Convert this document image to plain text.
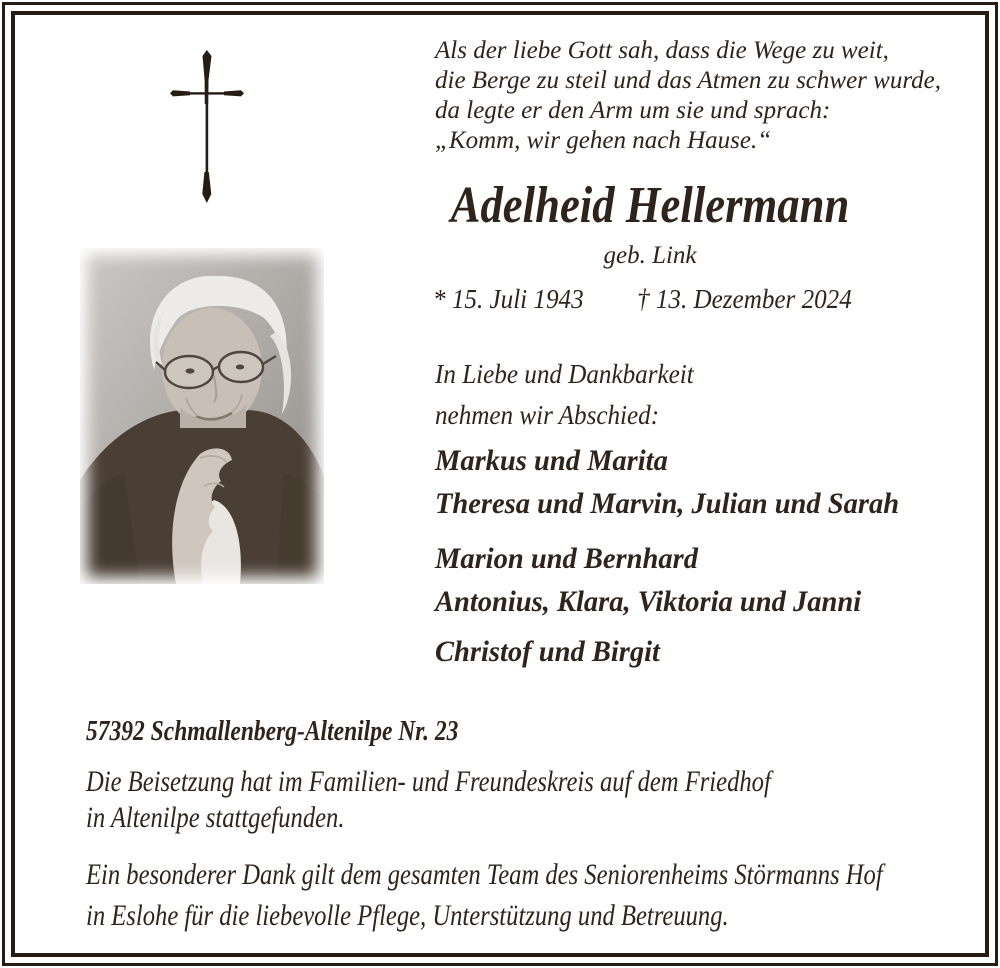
Als der liebe Gott sah, dass die Wege zu weit,
die Berge zu steil und das Atmen zu schwer wurde,
da legte er den Arm um sie und sprach:
„Komm, wir gehen nach Hause.“
Adelheid Hellermann
geb. Link
* 15. Juli 1943	† 13. Dezember 2024
In Liebe und Dankbarkeit
nehmen wir Abschied:
Markus und Marita
Theresa und Marvin, Julian und Sarah
Marion und Bernhard
Antonius, Klara, Viktoria und Janni
Christof und Birgit
57392 Schmallenberg-Altenilpe Nr. 23
Die Beisetzung hat im Familien- und Freundeskreis auf dem Friedhof
in Altenilpe stattgefunden.
Ein besonderer Dank gilt dem gesamten Team des Seniorenheims Störmanns Hof
in Eslohe für die liebevolle Pflege, Unterstützung und Betreuung.
